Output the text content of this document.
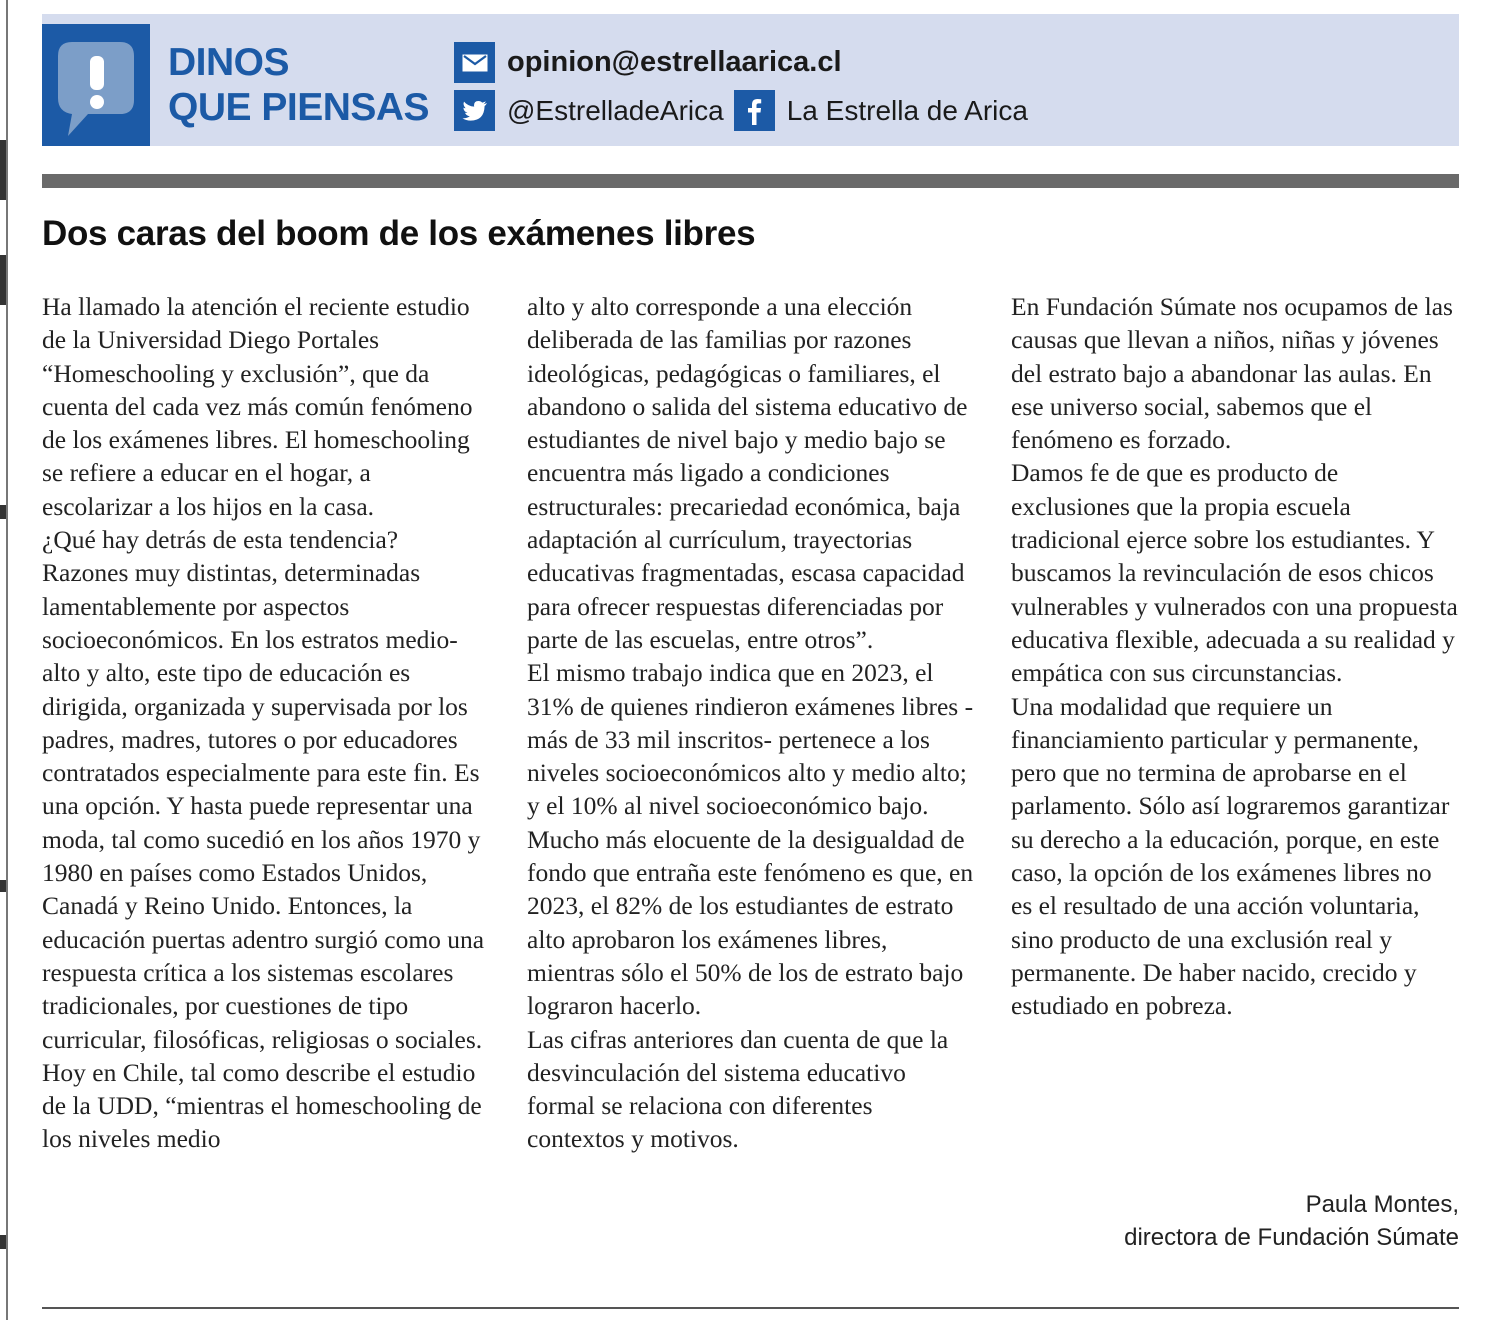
DINOS
QUE PIENSAS
opinion@estrellaarica.cl
@EstrelladeArica La Estrella de Arica
Dos caras del boom de los exámenes libres

Ha llamado la atención el reciente estudio de la Universidad Diego Portales “Homeschooling y exclusión”, que da cuenta del cada vez más común fenómeno de los exámenes libres. El homeschooling se refiere a educar en el hogar, a escolarizar a los hijos en la casa.

¿Qué hay detrás de esta tendencia? Razones muy distintas, determinadas lamentablemente por aspectos socioeconómicos. En los estratos medio-alto y alto, este tipo de educación es dirigida, organizada y supervisada por los padres, madres, tutores o por educadores contratados especialmente para este fin. Es una opción. Y hasta puede representar una moda, tal como sucedió en los años 1970 y 1980 en países como Estados Unidos, Canadá y Reino Unido. Entonces, la educación puertas adentro surgió como una respuesta crítica a los sistemas escolares tradicionales, por cuestiones de tipo curricular, filosóficas, religiosas o sociales.

Hoy en Chile, tal como describe el estudio de la UDD, “mientras el homeschooling de los niveles medio

alto y alto corresponde a una elección deliberada de las familias por razones ideológicas, pedagógicas o familiares, el abandono o salida del sistema educativo de estudiantes de nivel bajo y medio bajo se encuentra más ligado a condiciones estructurales: precariedad económica, baja adaptación al currículum, trayectorias educativas fragmentadas, escasa capacidad para ofrecer respuestas diferenciadas por parte de las escuelas, entre otros”.

El mismo trabajo indica que en 2023, el 31% de quienes rindieron exámenes libres -más de 33 mil inscritos- pertenece a los niveles socioeconómicos alto y medio alto; y el 10% al nivel socioeconómico bajo.

Mucho más elocuente de la desigualdad de fondo que entraña este fenómeno es que, en 2023, el 82% de los estudiantes de estrato alto aprobaron los exámenes libres, mientras sólo el 50% de los de estrato bajo lograron hacerlo.

Las cifras anteriores dan cuenta de que la desvinculación del sistema educativo formal se relaciona con diferentes contextos y motivos.

En Fundación Súmate nos ocupamos de las causas que llevan a niños, niñas y jóvenes del estrato bajo a abandonar las aulas. En ese universo social, sabemos que el fenómeno es forzado.

Damos fe de que es producto de exclusiones que la propia escuela tradicional ejerce sobre los estudiantes. Y buscamos la revinculación de esos chicos vulnerables y vulnerados con una propuesta educativa flexible, adecuada a su realidad y empática con sus circunstancias.

Una modalidad que requiere un financiamiento particular y permanente, pero que no termina de aprobarse en el parlamento. Sólo así lograremos garantizar su derecho a la educación, porque, en este caso, la opción de los exámenes libres no es el resultado de una acción voluntaria, sino producto de una exclusión real y permanente. De haber nacido, crecido y estudiado en pobreza.

Paula Montes,
directora de Fundación Súmate
